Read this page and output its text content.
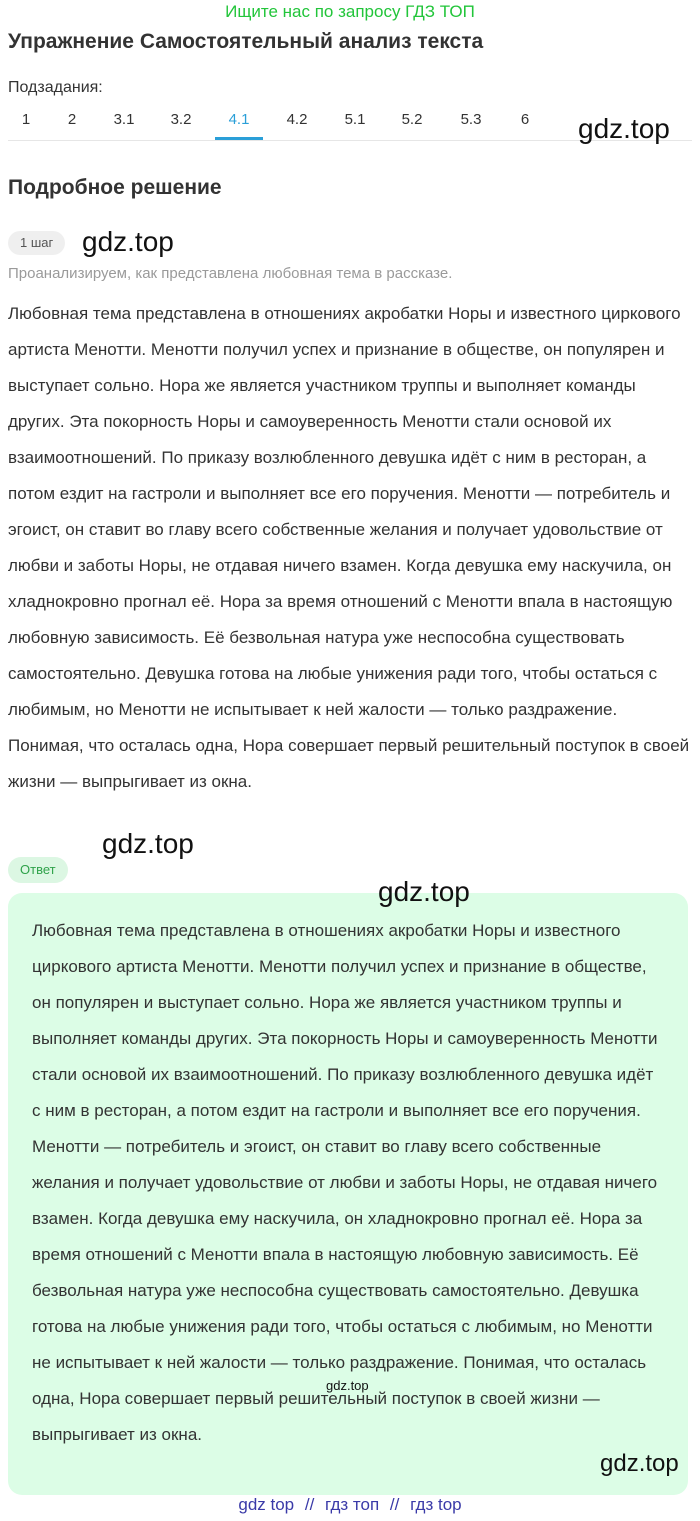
Ищите нас по запросу ГДЗ ТОП
Упражнение Самостоятельный анализ текста
Подзадания:
1	2	3.1	3.2	4.1	4.2	5.1	5.2	5.3	6	gdz.top
Подробное решение
1 шаг	gdz.top
Проанализируем, как представлена любовная тема в рассказе.

Любовная тема представлена в отношениях акробатки Норы и известного циркового артиста Менотти. Менотти получил успех и признание в обществе, он популярен и выступает сольно. Нора же является участником труппы и выполняет команды других. Эта покорность Норы и самоуверенность Менотти стали основой их взаимоотношений. По приказу возлюбленного девушка идёт с ним в ресторан, а потом ездит на гастроли и выполняет все его поручения. Менотти — потребитель и эгоист, он ставит во главу всего собственные желания и получает удовольствие от любви и заботы Норы, не отдавая ничего взамен. Когда девушка ему наскучила, он хладнокровно прогнал её. Нора за время отношений с Менотти впала в настоящую любовную зависимость. Её безвольная натура уже неспособна существовать самостоятельно. Девушка готова на любые унижения ради того, чтобы остаться с любимым, но Менотти не испытывает к ней жалости — только раздражение. Понимая, что осталась одна, Нора совершает первый решительный поступок в своей жизни — выпрыгивает из окна.

gdz.top
Ответ

Любовная тема представлена в отношениях акробатки Норы и известного циркового артиста Менотти. Менотти получил успех и признание в обществе, он популярен и выступает сольно. Нора же является участником труппы и выполняет команды других. Эта покорность Норы и самоуверенность Менотти стали основой их взаимоотношений. По приказу возлюбленного девушка идёт с ним в ресторан, а потом ездит на гастроли и выполняет все его поручения. Менотти — потребитель и эгоист, он ставит во главу всего собственные желания и получает удовольствие от любви и заботы Норы, не отдавая ничего взамен. Когда девушка ему наскучила, он хладнокровно прогнал её. Нора за время отношений с Менотти впала в настоящую любовную зависимость. Её безвольная натура уже неспособна существовать самостоятельно. Девушка готова на любые унижения ради того, чтобы остаться с любимым, но Менотти не испытывает к ней жалости — только раздражение. Понимая, что осталась одна, Нора совершает первый решительный поступок в своей жизни — выпрыгивает из окна.

gdz.top
gdz.top
gdz.top
gdz top // гдз топ // гдз top
